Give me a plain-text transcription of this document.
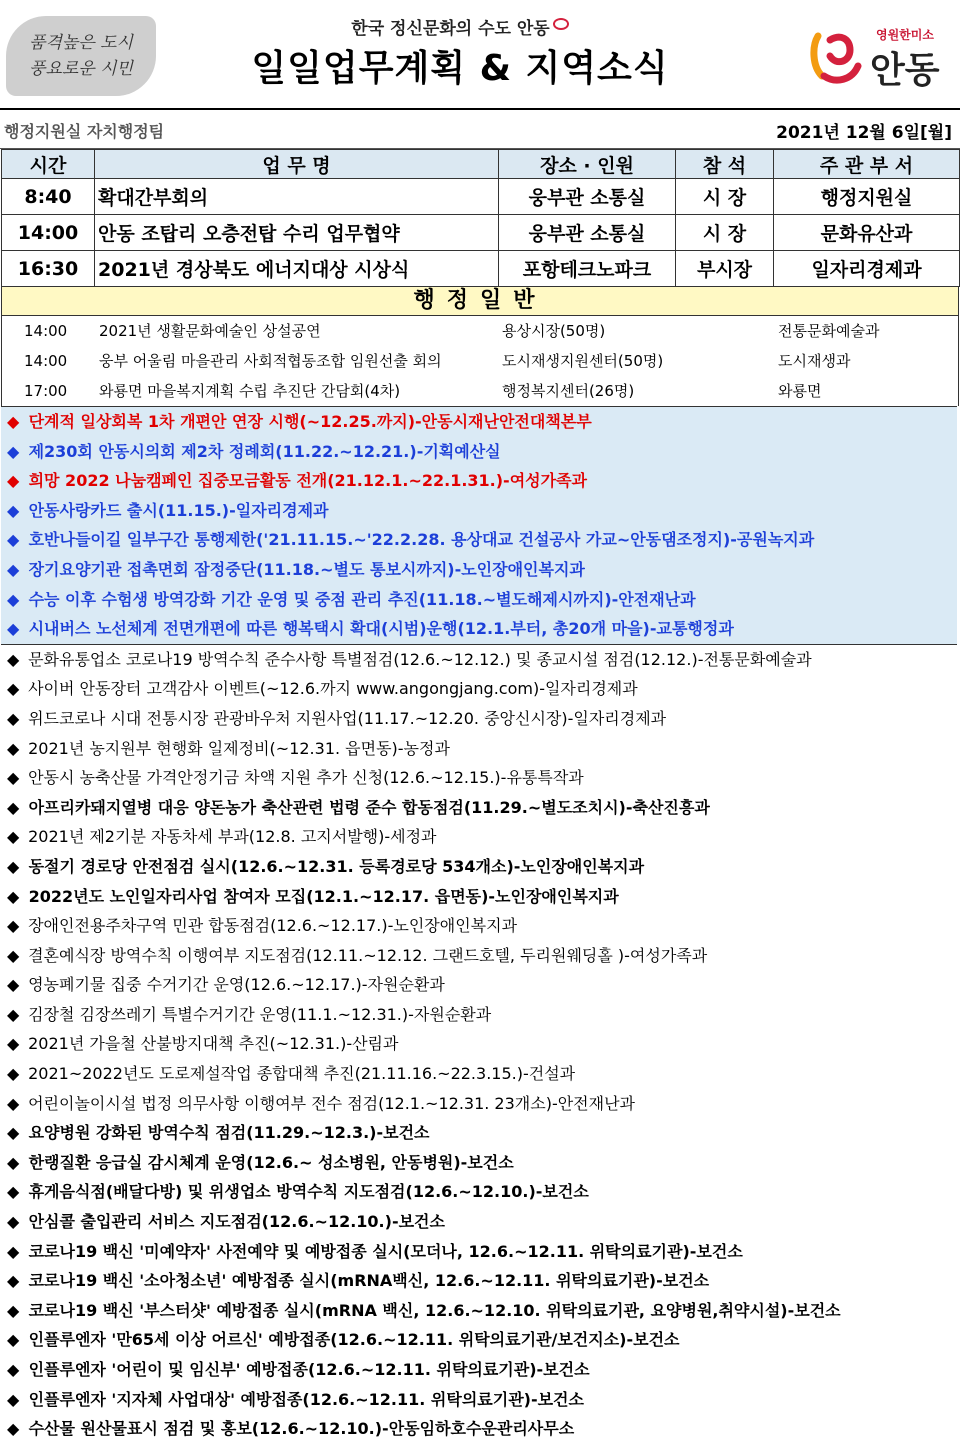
품격높은 도시
풍요로운 시민
한국 정신문화의 수도 안동
일일업무계획 & 지역소식
영원한미소
안동
행정지원실 자치행정팀	2021년 12월 6일[월]
시간	업 무 명	장소 · 인원	참 석	주 관 부 서
8:40	확대간부회의	웅부관 소통실	시 장	행정지원실
14:00	안동 조탑리 오층전탑 수리 업무협약	웅부관 소통실	시 장	문화유산과
16:30	2021년 경상북도 에너지대상 시상식	포항테크노파크	부시장	일자리경제과
행정일반
14:00 2021년 생활문화예술인 상설공연	용상시장(50명)	전통문화예술과
14:00 웅부 어울림 마을관리 사회적협동조합 임원선출 회의	도시재생지원센터(50명)	도시재생과
17:00 와룡면 마을복지계획 수립 추진단 간담회(4차)	행정복지센터(26명)	와룡면
◆ 단계적 일상회복 1차 개편안 연장 시행(~12.25.까지)-안동시재난안전대책본부
◆ 제230회 안동시의회 제2차 정례회(11.22.~12.21.)-기획예산실
◆ 희망 2022 나눔캠페인 집중모금활동 전개(21.12.1.~22.1.31.)-여성가족과
◆ 안동사랑카드 출시(11.15.)-일자리경제과
◆ 호반나들이길 일부구간 통행제한('21.11.15.~'22.2.28. 용상대교 건설공사 가교~안동댐조정지)-공원녹지과
◆ 장기요양기관 접촉면회 잠정중단(11.18.~별도 통보시까지)-노인장애인복지과
◆ 수능 이후 수험생 방역강화 기간 운영 및 중점 관리 추진(11.18.~별도해제시까지)-안전재난과
◆ 시내버스 노선체계 전면개편에 따른 행복택시 확대(시범)운행(12.1.부터, 총20개 마을)-교통행정과
◆ 문화유통업소 코로나19 방역수칙 준수사항 특별점검(12.6.~12.12.) 및 종교시설 점검(12.12.)-전통문화예술과
◆ 사이버 안동장터 고객감사 이벤트(~12.6.까지 www.angongjang.com)-일자리경제과
◆ 위드코로나 시대 전통시장 관광바우처 지원사업(11.17.~12.20. 중앙신시장)-일자리경제과
◆ 2021년 농지원부 현행화 일제정비(~12.31. 읍면동)-농정과
◆ 안동시 농축산물 가격안정기금 차액 지원 추가 신청(12.6.~12.15.)-유통특작과
◆ 아프리카돼지열병 대응 양돈농가 축산관련 법령 준수 합동점검(11.29.~별도조치시)-축산진흥과
◆ 2021년 제2기분 자동차세 부과(12.8. 고지서발행)-세정과
◆ 동절기 경로당 안전점검 실시(12.6.~12.31. 등록경로당 534개소)-노인장애인복지과
◆ 2022년도 노인일자리사업 참여자 모집(12.1.~12.17. 읍면동)-노인장애인복지과
◆ 장애인전용주차구역 민관 합동점검(12.6.~12.17.)-노인장애인복지과
◆ 결혼예식장 방역수칙 이행여부 지도점검(12.11.~12.12. 그랜드호텔, 두리원웨딩홀 )-여성가족과
◆ 영농폐기물 집중 수거기간 운영(12.6.~12.17.)-자원순환과
◆ 김장철 김장쓰레기 특별수거기간 운영(11.1.~12.31.)-자원순환과
◆ 2021년 가을철 산불방지대책 추진(~12.31.)-산림과
◆ 2021~2022년도 도로제설작업 종합대책 추진(21.11.16.~22.3.15.)-건설과
◆ 어린이놀이시설 법정 의무사항 이행여부 전수 점검(12.1.~12.31. 23개소)-안전재난과
◆ 요양병원 강화된 방역수칙 점검(11.29.~12.3.)-보건소
◆ 한랭질환 응급실 감시체계 운영(12.6.~ 성소병원, 안동병원)-보건소
◆ 휴게음식점(배달다방) 및 위생업소 방역수칙 지도점검(12.6.~12.10.)-보건소
◆ 안심콜 출입관리 서비스 지도점검(12.6.~12.10.)-보건소
◆ 코로나19 백신 '미예약자' 사전예약 및 예방접종 실시(모더나, 12.6.~12.11. 위탁의료기관)-보건소
◆ 코로나19 백신 '소아청소년' 예방접종 실시(mRNA백신, 12.6.~12.11. 위탁의료기관)-보건소
◆ 코로나19 백신 '부스터샷' 예방접종 실시(mRNA 백신, 12.6.~12.10. 위탁의료기관, 요양병원,취약시설)-보건소
◆ 인플루엔자 '만65세 이상 어르신' 예방접종(12.6.~12.11. 위탁의료기관/보건지소)-보건소
◆ 인플루엔자 '어린이 및 임신부' 예방접종(12.6.~12.11. 위탁의료기관)-보건소
◆ 인플루엔자 '지자체 사업대상' 예방접종(12.6.~12.11. 위탁의료기관)-보건소
◆ 수산물 원산물표시 점검 및 홍보(12.6.~12.10.)-안동임하호수운관리사무소
